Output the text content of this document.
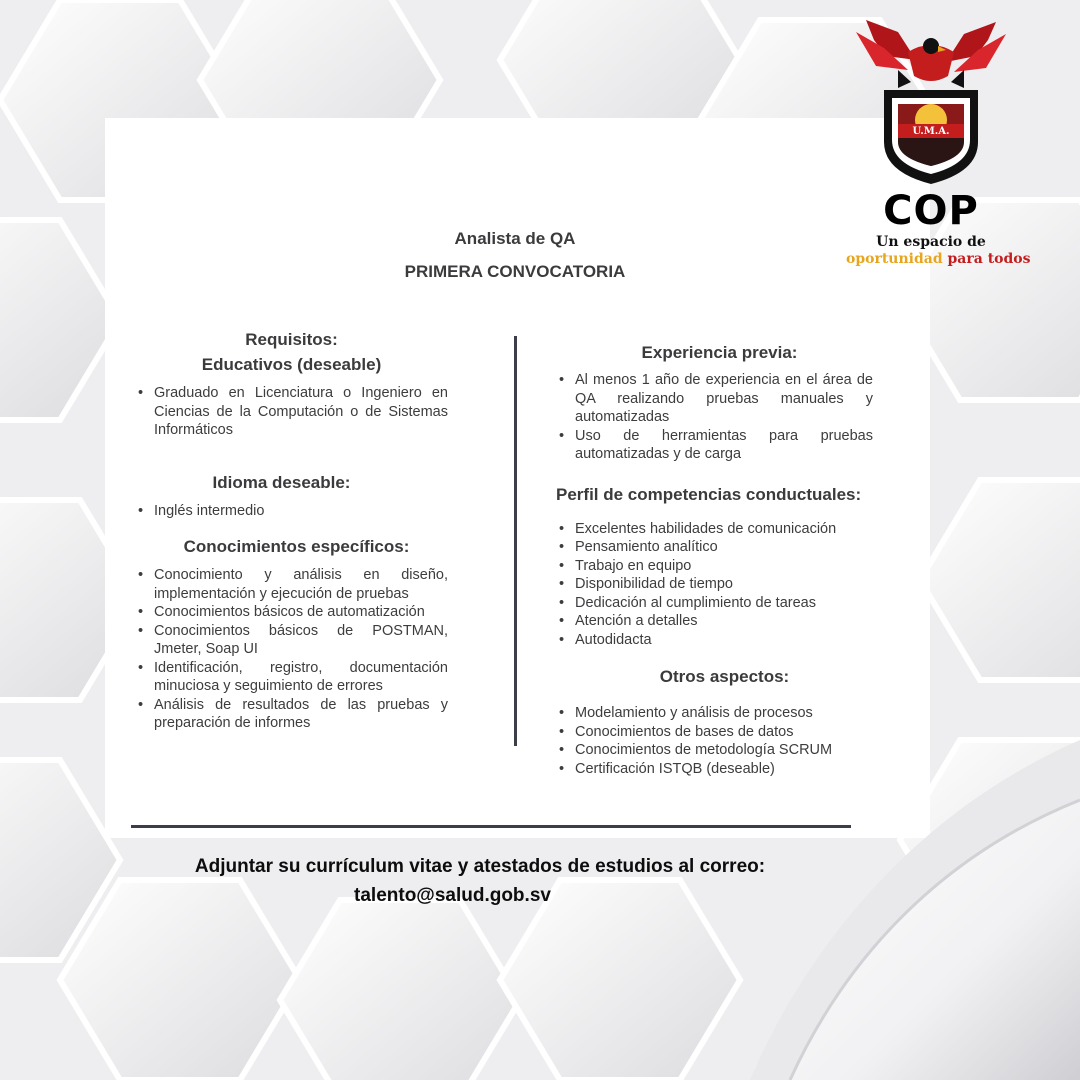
U.M.A.
COP
Un espacio de
oportunidad para todos
Analista de QA
PRIMERA CONVOCATORIA
Requisitos:
Educativos (deseable)
• Graduado en Licenciatura o Ingeniero en Ciencias de la Computación o de Sistemas Informáticos
Idioma deseable:
• Inglés intermedio
Conocimientos específicos:
• Conocimiento y análisis en diseño, implementación y ejecución de pruebas
• Conocimientos básicos de automatización
• Conocimientos básicos de POSTMAN, Jmeter, Soap UI
• Identificación, registro, documentación minuciosa y seguimiento de errores
• Análisis de resultados de las pruebas y preparación de informes
Experiencia previa:
• Al menos 1 año de experiencia en el área de QA realizando pruebas manuales y automatizadas
• Uso de herramientas para pruebas automatizadas y de carga
Perfil de competencias conductuales:
• Excelentes habilidades de comunicación
• Pensamiento analítico
• Trabajo en equipo
• Disponibilidad de tiempo
• Dedicación al cumplimiento de tareas
• Atención a detalles
• Autodidacta
Otros aspectos:
• Modelamiento y análisis de procesos
• Conocimientos de bases de datos
• Conocimientos de metodología SCRUM
• Certificación ISTQB (deseable)
Adjuntar su currículum vitae y atestados de estudios al correo:
talento@salud.gob.sv
